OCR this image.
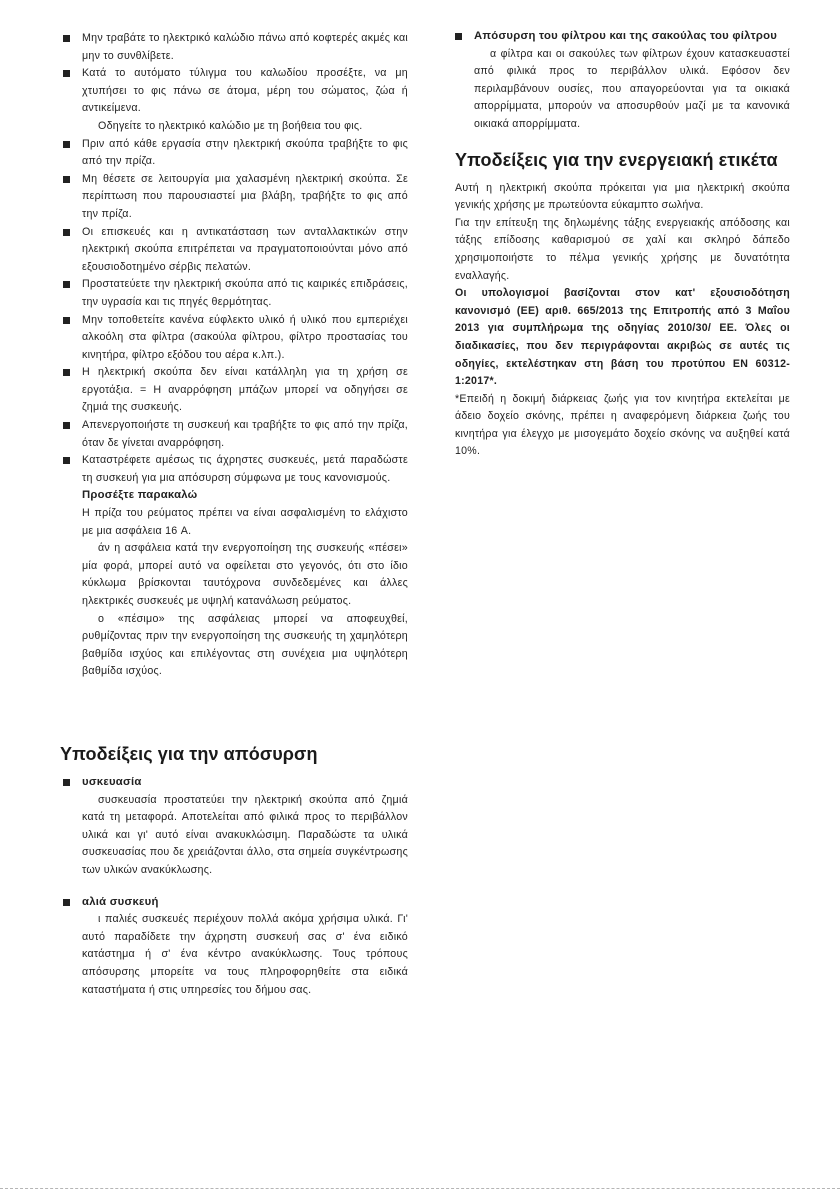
Μην τραβάτε το ηλεκτρικό καλώδιο πάνω από κοφτερές ακμές και μην το συνθλίβετε.
Κατά το αυτόματο τύλιγμα του καλωδίου προσέξτε, να μη χτυπήσει το φις πάνω σε άτομα, μέρη του σώματος, ζώα ή αντικείμενα.
Οδηγείτε το ηλεκτρικό καλώδιο με τη βοήθεια του φις.
Πριν από κάθε εργασία στην ηλεκτρική σκούπα τραβήξτε το φις από την πρίζα.
Μη θέσετε σε λειτουργία μια χαλασμένη ηλεκτρική σκούπα. Σε περίπτωση που παρουσιαστεί μια βλάβη, τραβήξτε το φις από την πρίζα.
Οι επισκευές και η αντικατάσταση των ανταλλακτικών στην ηλεκτρική σκούπα επιτρέπεται να πραγματοποιούνται μόνο από εξουσιοδοτημένο σέρβις πελατών.
Προστατεύετε την ηλεκτρική σκούπα από τις καιρικές επιδράσεις, την υγρασία και τις πηγές θερμότητας.
Μην τοποθετείτε κανένα εύφλεκτο υλικό ή υλικό που εμπεριέχει αλκοόλη στα φίλτρα (σακούλα φίλτρου, φίλτρο προστασίας του κινητήρα, φίλτρο εξόδου του αέρα κ.λπ.).
Η ηλεκτρική σκούπα δεν είναι κατάλληλη για τη χρήση σε εργοτάξια. = Η αναρρόφηση μπάζων μπορεί να οδηγήσει σε ζημιά της συσκευής.
Απενεργοποιήστε τη συσκευή και τραβήξτε το φις από την πρίζα, όταν δε γίνεται αναρρόφηση.
Καταστρέφετε αμέσως τις άχρηστες συσκευές, μετά παραδώστε τη συσκευή για μια απόσυρση σύμφωνα με τους κανονισμούς.
Προσέξτε παρακαλώ
Η πρίζα του ρεύματος πρέπει να είναι ασφαλισμένη το ελάχιστο με μια ασφάλεια 16 A.
άν η ασφάλεια κατά την ενεργοποίηση της συσκευής «πέσει» μία φορά, μπορεί αυτό να οφείλεται στο γεγονός, ότι στο ίδιο κύκλωμα βρίσκονται ταυτόχρονα συνδεδεμένες και άλλες ηλεκτρικές συσκευές με υψηλή κατανάλωση ρεύματος.
ο «πέσιμο» της ασφάλειας μπορεί να αποφευχθεί, ρυθμίζοντας πριν την ενεργοποίηση της συσκευής τη χαμηλότερη βαθμίδα ισχύος και επιλέγοντας στη συνέχεια μια υψηλότερη βαθμίδα ισχύος.
Υποδείξεις για την απόσυρση
υσκευασία
συσκευασία προστατεύει την ηλεκτρική σκούπα από ζημιά κατά τη μεταφορά. Αποτελείται από φιλικά προς το περιβάλλον υλικά και γι' αυτό είναι ανακυκλώσιμη. Παραδώστε τα υλικά συσκευασίας που δε χρειάζονται άλλο, στα σημεία συγκέντρωσης των υλικών ανακύκλωσης.
αλιά συσκευή
ι παλιές συσκευές περιέχουν πολλά ακόμα χρήσιμα υλικά. Γι' αυτό παραδίδετε την άχρηστη συσκευή σας σ' ένα ειδικό κατάστημα ή σ' ένα κέντρο ανακύκλωσης. Τους τρόπους απόσυρσης μπορείτε να τους πληροφορηθείτε στα ειδικά καταστήματα ή στις υπηρεσίες του δήμου σας.
Απόσυρση του φίλτρου και της σακούλας του φίλτρου
α φίλτρα και οι σακούλες των φίλτρων έχουν κατασκευαστεί από φιλικά προς το περιβάλλον υλικά. Εφόσον δεν περιλαμβάνουν ουσίες, που απαγορεύονται για τα οικιακά απορρίμματα, μπορούν να αποσυρθούν μαζί με τα κανονικά οικιακά απορρίμματα.
Υποδείξεις για την ενεργειακή ετικέτα
Αυτή η ηλεκτρική σκούπα πρόκειται για μια ηλεκτρική σκούπα γενικής χρήσης με πρωτεύοντα εύκαμπτο σωλήνα.
Για την επίτευξη της δηλωμένης τάξης ενεργειακής απόδοσης και τάξης επίδοσης καθαρισμού σε χαλί και σκληρό δάπεδο χρησιμοποιήστε το πέλμα γενικής χρήσης με δυνατότητα εναλλαγής.
Οι υπολογισμοί βασίζονται στον κατ' εξουσιοδότηση κανονισμό (ΕΕ) αριθ. 665/2013 της Επιτροπής από 3 Μαΐου 2013 για συμπλήρωμα της οδηγίας 2010/30/ ΕΕ. Όλες οι διαδικασίες, που δεν περιγράφονται ακριβώς σε αυτές τις οδηγίες, εκτελέστηκαν στη βάση του προτύπου EN 60312-1:2017*.
*Επειδή η δοκιμή διάρκειας ζωής για τον κινητήρα εκτελείται με άδειο δοχείο σκόνης, πρέπει η αναφερόμενη διάρκεια ζωής του κινητήρα για έλεγχο με μισογεμάτο δοχείο σκόνης να αυξηθεί κατά 10%.
